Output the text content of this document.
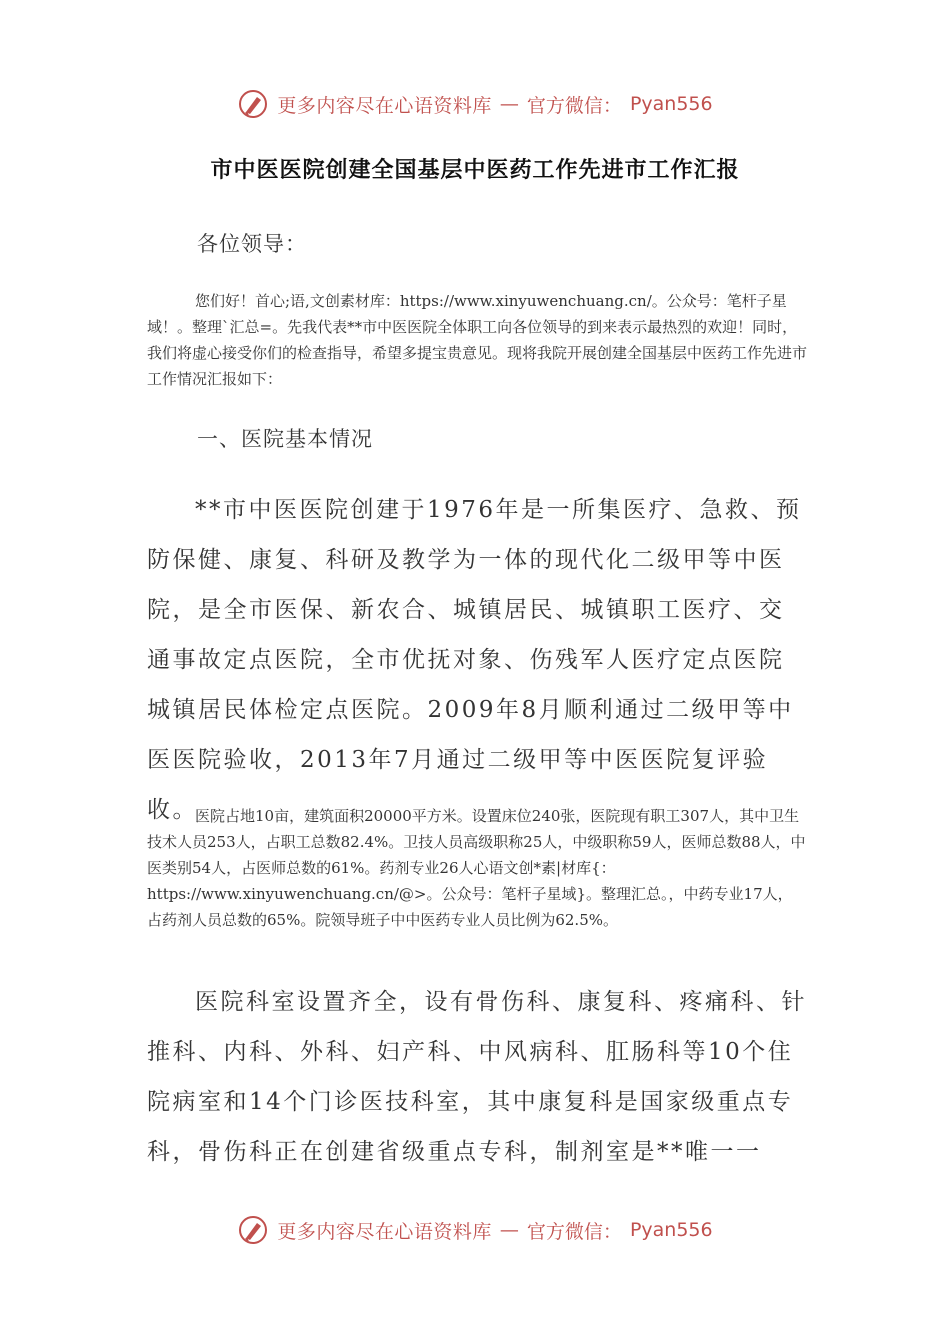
更多内容尽在心语资料库 — 官方微信： Pyan556
市中医医院创建全国基层中医药工作先进市工作汇报
各位领导：
您们好！首心;语,文创素材库：https://www.xinyuwenchuang.cn/。公众号：笔杆子星域！。整理`汇总=。先我代表**市中医医院全体职工向各位领导的到来表示最热烈的欢迎！同时，我们将虚心接受你们的检查指导，希望多提宝贵意见。现将我院开展创建全国基层中医药工作先进市工作情况汇报如下：
一、医院基本情况
**市中医医院创建于1976年是一所集医疗、急救、预防保健、康复、科研及教学为一体的现代化二级甲等中医院，是全市医保、新农合、城镇居民、城镇职工医疗、交通事故定点医院，全市优抚对象、伤残军人医疗定点医院城镇居民体检定点医院。2009年8月顺利通过二级甲等中医医院验收，2013年7月通过二级甲等中医医院复评验收。
医院占地10亩，建筑面积20000平方米。设置床位240张，医院现有职工307人，其中卫生技术人员253人，占职工总数82.4%。卫技人员高级职称25人，中级职称59人，医师总数88人，中医类别54人，占医师总数的61%。药剂专业26人心语文创*素|材库{：https://www.xinyuwenchuang.cn/@>。公众号：笔杆子星域}。整理汇总。，中药专业17人，占药剂人员总数的65%。院领导班子中中医药专业人员比例为62.5%。
医院科室设置齐全，设有骨伤科、康复科、疼痛科、针推科、内科、外科、妇产科、中风病科、肛肠科等10个住院病室和14个门诊医技科室，其中康复科是国家级重点专科，骨伤科正在创建省级重点专科，制剂室是**唯一一
更多内容尽在心语资料库 — 官方微信： Pyan556
